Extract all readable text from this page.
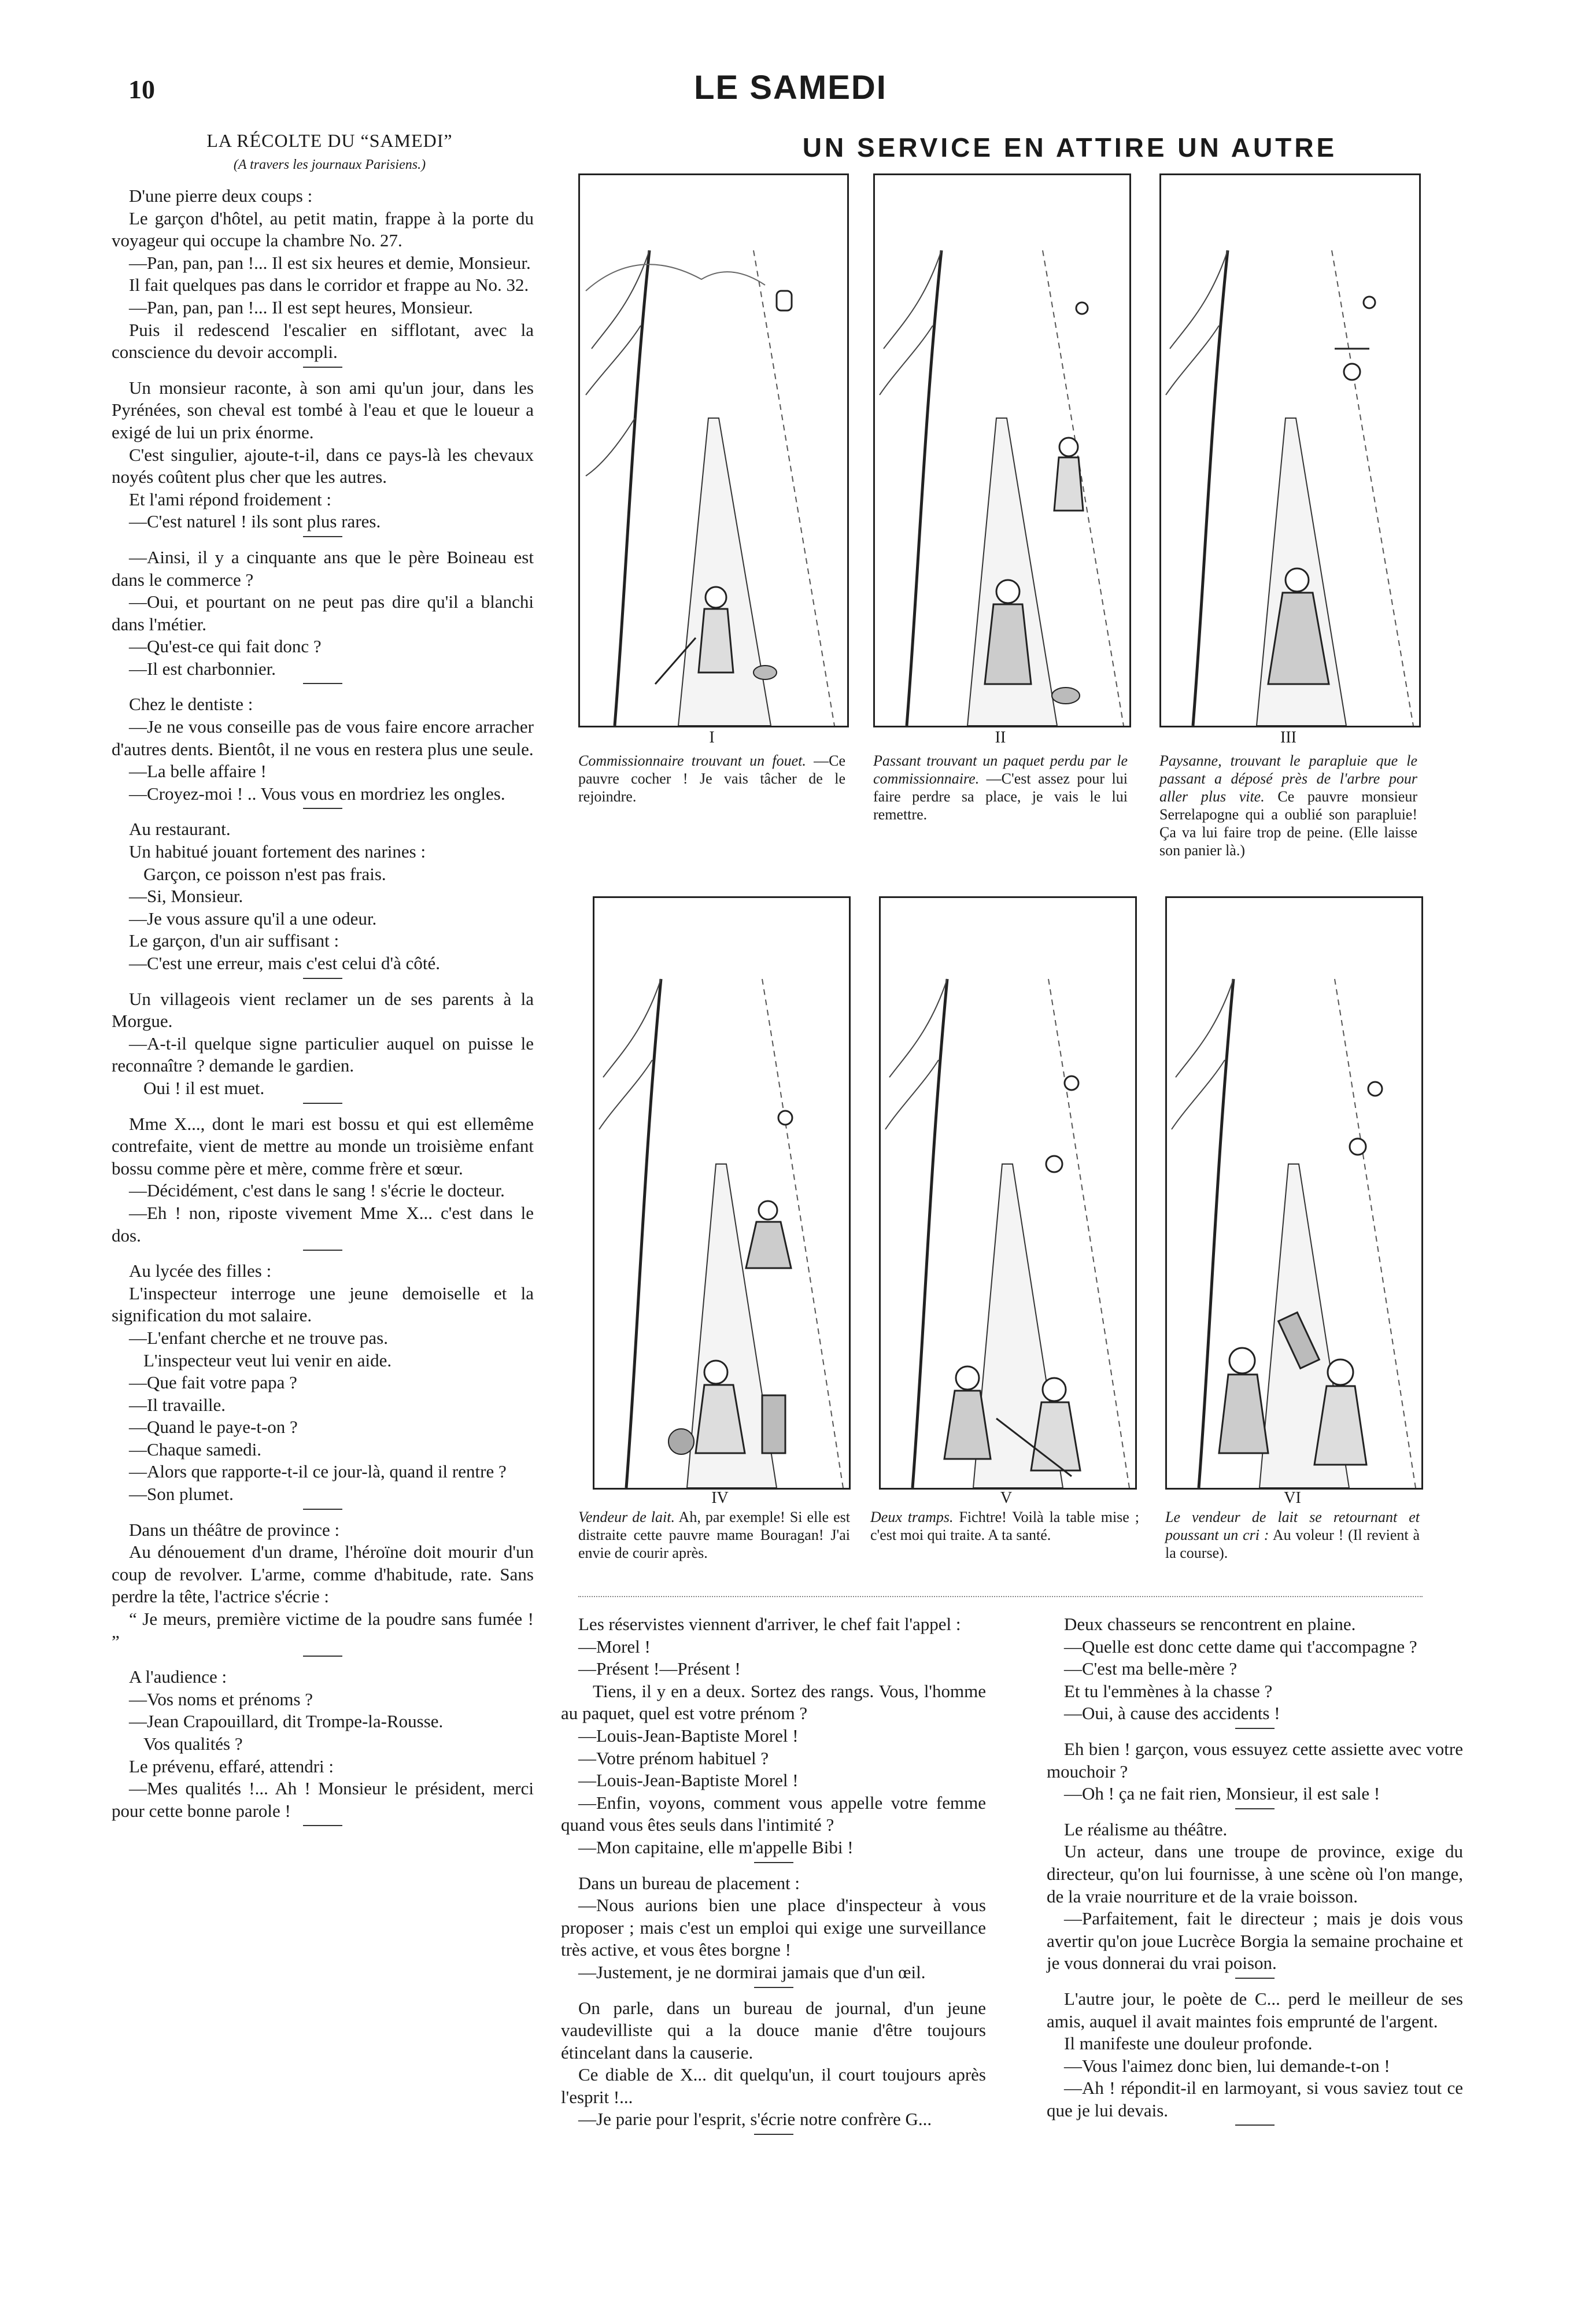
10	LE SAMEDI
LA RÉCOLTE DU “SAMEDI”
(A travers les journaux Parisiens.)

D'une pierre deux coups :

Le garçon d'hôtel, au petit matin, frappe à la porte du voyageur qui occupe la chambre No. 27.

—Pan, pan, pan !... Il est six heures et demie, Monsieur.

Il fait quelques pas dans le corridor et frappe au No. 32.

—Pan, pan, pan !... Il est sept heures, Monsieur.

Puis il redescend l'escalier en sifflotant, avec la conscience du devoir accompli.

Un monsieur raconte, à son ami qu'un jour, dans les Pyrénées, son cheval est tombé à l'eau et que le loueur a exigé de lui un prix énorme.

C'est singulier, ajoute-t-il, dans ce pays-là les chevaux noyés coûtent plus cher que les autres.

Et l'ami répond froidement :

—C'est naturel ! ils sont plus rares.

—Ainsi, il y a cinquante ans que le père Boineau est dans le commerce ?

—Oui, et pourtant on ne peut pas dire qu'il a blanchi dans l'métier.

—Qu'est-ce qui fait donc ?

—Il est charbonnier.

Chez le dentiste :

—Je ne vous conseille pas de vous faire encore arracher d'autres dents. Bientôt, il ne vous en restera plus une seule.

—La belle affaire !

—Croyez-moi ! .. Vous vous en mordriez les ongles.

Au restaurant.

Un habitué jouant fortement des narines :

Garçon, ce poisson n'est pas frais.

—Si, Monsieur.

—Je vous assure qu'il a une odeur.

Le garçon, d'un air suffisant :

—C'est une erreur, mais c'est celui d'à côté.

Un villageois vient reclamer un de ses parents à la Morgue.

—A-t-il quelque signe particulier auquel on puisse le reconnaître ? demande le gardien.

Oui ! il est muet.

Mme X..., dont le mari est bossu et qui est ellemême contrefaite, vient de mettre au monde un troisième enfant bossu comme père et mère, comme frère et sœur.

—Décidément, c'est dans le sang ! s'écrie le docteur.

—Eh ! non, riposte vivement Mme X... c'est dans le dos.

Au lycée des filles :

L'inspecteur interroge une jeune demoiselle et la signification du mot salaire.

—L'enfant cherche et ne trouve pas.

L'inspecteur veut lui venir en aide.

—Que fait votre papa ?

—Il travaille.

—Quand le paye-t-on ?

—Chaque samedi.

—Alors que rapporte-t-il ce jour-là, quand il rentre ?

—Son plumet.

Dans un théâtre de province :

Au dénouement d'un drame, l'héroïne doit mourir d'un coup de revolver. L'arme, comme d'habitude, rate. Sans perdre la tête, l'actrice s'écrie :

“ Je meurs, première victime de la poudre sans fumée ! ”

A l'audience :

—Vos noms et prénoms ?

—Jean Crapouillard, dit Trompe-la-Rousse.

Vos qualités ?

Le prévenu, effaré, attendri :

—Mes qualités !... Ah ! Monsieur le président, merci pour cette bonne parole !

UN SERVICE EN ATTIRE UN AUTRE
I
Commissionnaire trouvant un fouet. —Ce pauvre cocher ! Je vais tâcher de le rejoindre.
II
Passant trouvant un paquet perdu par le commissionnaire. —C'est assez pour lui faire perdre sa place, je vais le lui remettre.
III
Paysanne, trouvant le parapluie que le passant a déposé près de l'arbre pour aller plus vite. Ce pauvre monsieur Serrelapogne qui a oublié son parapluie! Ça va lui faire trop de peine. (Elle laisse son panier là.)
IV
Vendeur de lait. Ah, par exemple! Si elle est distraite cette pauvre mame Bouragan! J'ai envie de courir après.
V
Deux tramps. Fichtre! Voilà la table mise ; c'est moi qui traite. A ta santé.
VI
Le vendeur de lait se retournant et poussant un cri : Au voleur ! (Il revient à la course).

Les réservistes viennent d'arriver, le chef fait l'appel :

—Morel !

—Présent !—Présent !

Tiens, il y en a deux. Sortez des rangs. Vous, l'homme au paquet, quel est votre prénom ?

—Louis-Jean-Baptiste Morel !

—Votre prénom habituel ?

—Louis-Jean-Baptiste Morel !

—Enfin, voyons, comment vous appelle votre femme quand vous êtes seuls dans l'intimité ?

—Mon capitaine, elle m'appelle Bibi !

Dans un bureau de placement :

—Nous aurions bien une place d'inspecteur à vous proposer ; mais c'est un emploi qui exige une surveillance très active, et vous êtes borgne !

—Justement, je ne dormirai jamais que d'un œil.

On parle, dans un bureau de journal, d'un jeune vaudevilliste qui a la douce manie d'être toujours étincelant dans la causerie.

Ce diable de X... dit quelqu'un, il court toujours après l'esprit !...

—Je parie pour l'esprit, s'écrie notre confrère G...

Deux chasseurs se rencontrent en plaine.

—Quelle est donc cette dame qui t'accompagne ?

—C'est ma belle-mère ?

Et tu l'emmènes à la chasse ?

—Oui, à cause des accidents !

Eh bien ! garçon, vous essuyez cette assiette avec votre mouchoir ?

—Oh ! ça ne fait rien, Monsieur, il est sale !

Le réalisme au théâtre.

Un acteur, dans une troupe de province, exige du directeur, qu'on lui fournisse, à une scène où l'on mange, de la vraie nourriture et de la vraie boisson.

—Parfaitement, fait le directeur ; mais je dois vous avertir qu'on joue Lucrèce Borgia la semaine prochaine et je vous donnerai du vrai poison.

L'autre jour, le poète de C... perd le meilleur de ses amis, auquel il avait maintes fois emprunté de l'argent.

Il manifeste une douleur profonde.

—Vous l'aimez donc bien, lui demande-t-on !

—Ah ! répondit-il en larmoyant, si vous saviez tout ce que je lui devais.
